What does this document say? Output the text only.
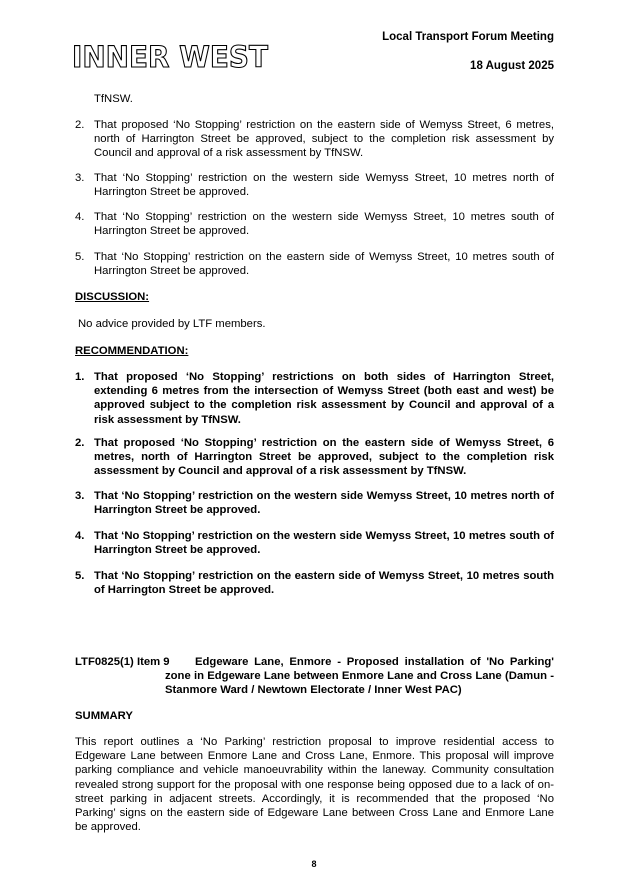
INNER WEST
Local Transport Forum Meeting
18 August 2025
TfNSW.
2. That proposed ‘No Stopping’ restriction on the eastern side of Wemyss Street, 6 metres, north of Harrington Street be approved, subject to the completion risk assessment by Council and approval of a risk assessment by TfNSW.
3. That ‘No Stopping’ restriction on the western side Wemyss Street, 10 metres north of Harrington Street be approved.
4. That ‘No Stopping’ restriction on the western side Wemyss Street, 10 metres south of Harrington Street be approved.
5. That ‘No Stopping’ restriction on the eastern side of Wemyss Street, 10 metres south of Harrington Street be approved.
DISCUSSION:
No advice provided by LTF members.
RECOMMENDATION:
1. That proposed ‘No Stopping’ restrictions on both sides of Harrington Street, extending 6 metres from the intersection of Wemyss Street (both east and west) be approved subject to the completion risk assessment by Council and approval of a risk assessment by TfNSW.
2. That proposed ‘No Stopping’ restriction on the eastern side of Wemyss Street, 6 metres, north of Harrington Street be approved, subject to the completion risk assessment by Council and approval of a risk assessment by TfNSW.
3. That ‘No Stopping’ restriction on the western side Wemyss Street, 10 metres north of Harrington Street be approved.
4. That ‘No Stopping’ restriction on the western side Wemyss Street, 10 metres south of Harrington Street be approved.
5. That ‘No Stopping’ restriction on the eastern side of Wemyss Street, 10 metres south of Harrington Street be approved.
LTF0825(1) Item 9 Edgeware Lane, Enmore - Proposed installation of 'No Parking'
zone in Edgeware Lane between Enmore Lane and Cross Lane (Damun - Stanmore Ward / Newtown Electorate / Inner West PAC)
SUMMARY
This report outlines a ‘No Parking’ restriction proposal to improve residential access to Edgeware Lane between Enmore Lane and Cross Lane, Enmore. This proposal will improve parking compliance and vehicle manoeuvrability within the laneway. Community consultation revealed strong support for the proposal with one response being opposed due to a lack of on-street parking in adjacent streets. Accordingly, it is recommended that the proposed ‘No Parking’ signs on the eastern side of Edgeware Lane between Cross Lane and Enmore Lane be approved.
8
